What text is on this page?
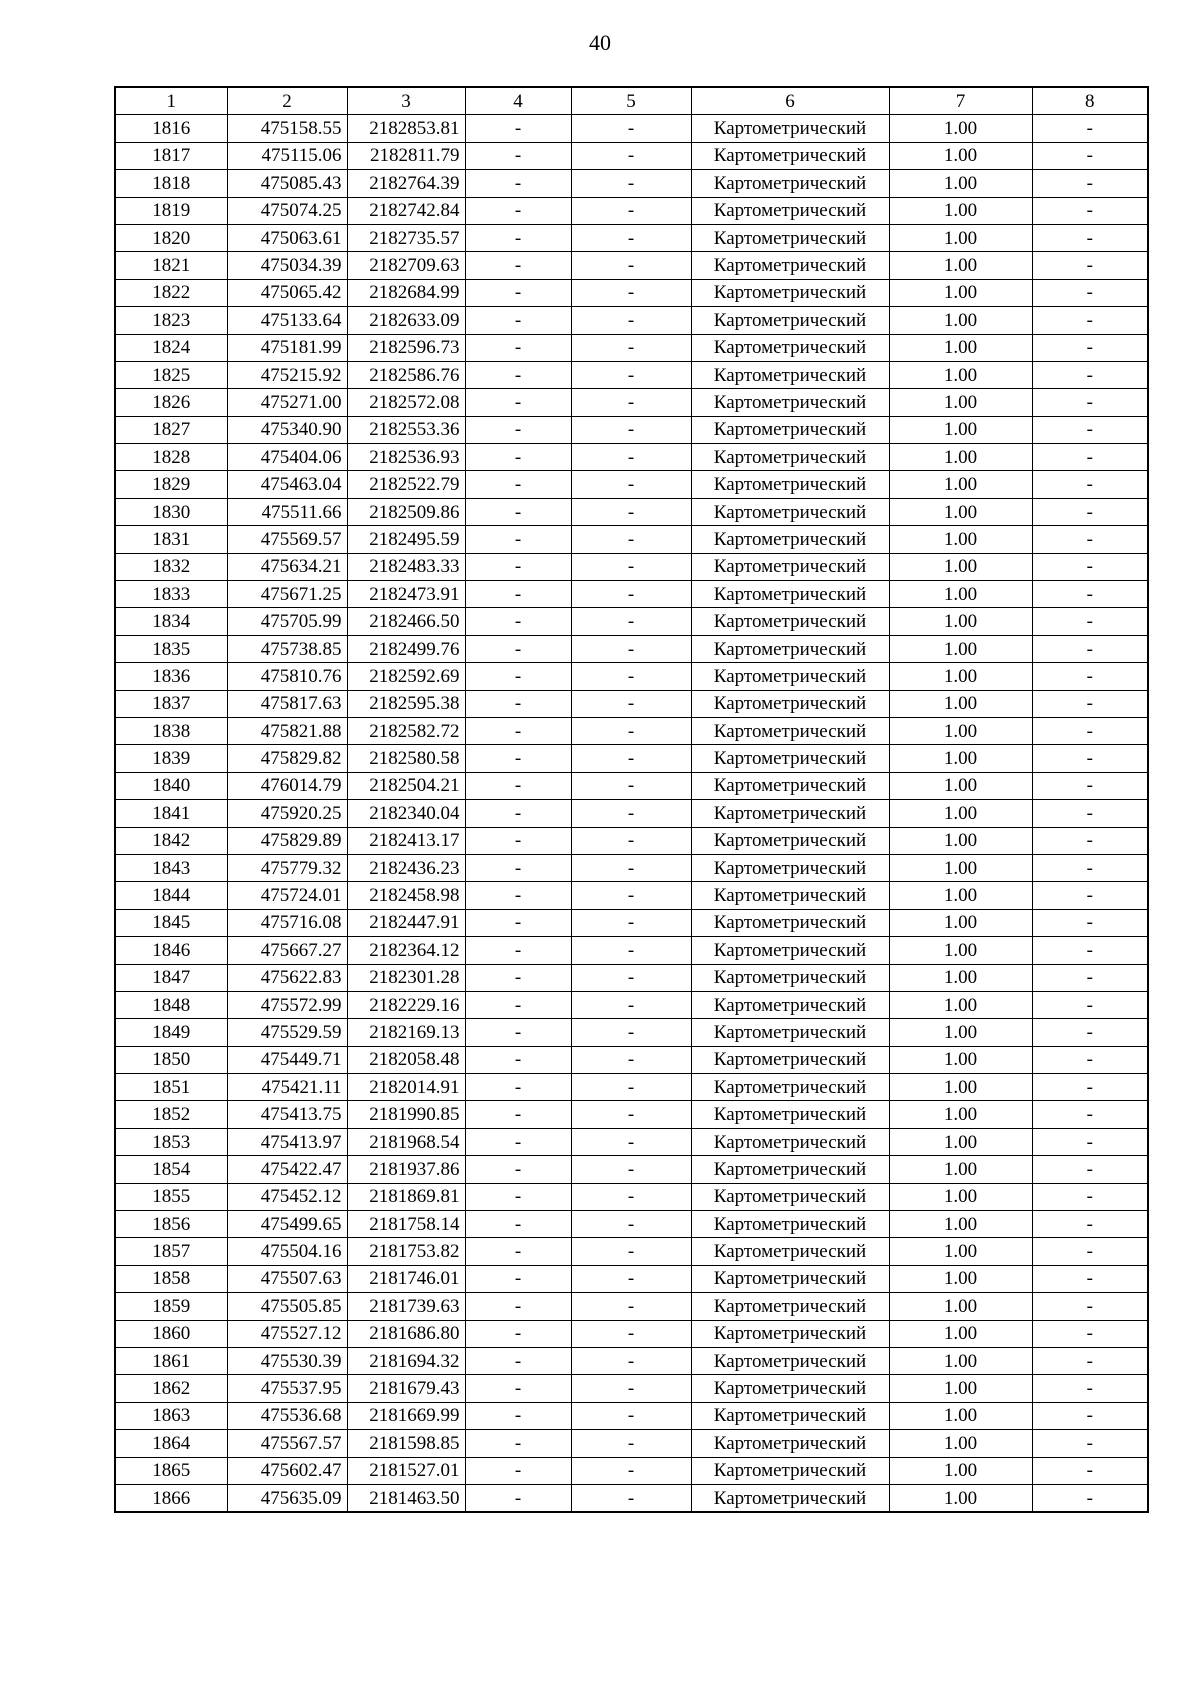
40
1	2	3	4	5	6	7	8
1816	475158.55	2182853.81	-	-	Картометрический	1.00	-
1817	475115.06	2182811.79	-	-	Картометрический	1.00	-
1818	475085.43	2182764.39	-	-	Картометрический	1.00	-
1819	475074.25	2182742.84	-	-	Картометрический	1.00	-
1820	475063.61	2182735.57	-	-	Картометрический	1.00	-
1821	475034.39	2182709.63	-	-	Картометрический	1.00	-
1822	475065.42	2182684.99	-	-	Картометрический	1.00	-
1823	475133.64	2182633.09	-	-	Картометрический	1.00	-
1824	475181.99	2182596.73	-	-	Картометрический	1.00	-
1825	475215.92	2182586.76	-	-	Картометрический	1.00	-
1826	475271.00	2182572.08	-	-	Картометрический	1.00	-
1827	475340.90	2182553.36	-	-	Картометрический	1.00	-
1828	475404.06	2182536.93	-	-	Картометрический	1.00	-
1829	475463.04	2182522.79	-	-	Картометрический	1.00	-
1830	475511.66	2182509.86	-	-	Картометрический	1.00	-
1831	475569.57	2182495.59	-	-	Картометрический	1.00	-
1832	475634.21	2182483.33	-	-	Картометрический	1.00	-
1833	475671.25	2182473.91	-	-	Картометрический	1.00	-
1834	475705.99	2182466.50	-	-	Картометрический	1.00	-
1835	475738.85	2182499.76	-	-	Картометрический	1.00	-
1836	475810.76	2182592.69	-	-	Картометрический	1.00	-
1837	475817.63	2182595.38	-	-	Картометрический	1.00	-
1838	475821.88	2182582.72	-	-	Картометрический	1.00	-
1839	475829.82	2182580.58	-	-	Картометрический	1.00	-
1840	476014.79	2182504.21	-	-	Картометрический	1.00	-
1841	475920.25	2182340.04	-	-	Картометрический	1.00	-
1842	475829.89	2182413.17	-	-	Картометрический	1.00	-
1843	475779.32	2182436.23	-	-	Картометрический	1.00	-
1844	475724.01	2182458.98	-	-	Картометрический	1.00	-
1845	475716.08	2182447.91	-	-	Картометрический	1.00	-
1846	475667.27	2182364.12	-	-	Картометрический	1.00	-
1847	475622.83	2182301.28	-	-	Картометрический	1.00	-
1848	475572.99	2182229.16	-	-	Картометрический	1.00	-
1849	475529.59	2182169.13	-	-	Картометрический	1.00	-
1850	475449.71	2182058.48	-	-	Картометрический	1.00	-
1851	475421.11	2182014.91	-	-	Картометрический	1.00	-
1852	475413.75	2181990.85	-	-	Картометрический	1.00	-
1853	475413.97	2181968.54	-	-	Картометрический	1.00	-
1854	475422.47	2181937.86	-	-	Картометрический	1.00	-
1855	475452.12	2181869.81	-	-	Картометрический	1.00	-
1856	475499.65	2181758.14	-	-	Картометрический	1.00	-
1857	475504.16	2181753.82	-	-	Картометрический	1.00	-
1858	475507.63	2181746.01	-	-	Картометрический	1.00	-
1859	475505.85	2181739.63	-	-	Картометрический	1.00	-
1860	475527.12	2181686.80	-	-	Картометрический	1.00	-
1861	475530.39	2181694.32	-	-	Картометрический	1.00	-
1862	475537.95	2181679.43	-	-	Картометрический	1.00	-
1863	475536.68	2181669.99	-	-	Картометрический	1.00	-
1864	475567.57	2181598.85	-	-	Картометрический	1.00	-
1865	475602.47	2181527.01	-	-	Картометрический	1.00	-
1866	475635.09	2181463.50	-	-	Картометрический	1.00	-
